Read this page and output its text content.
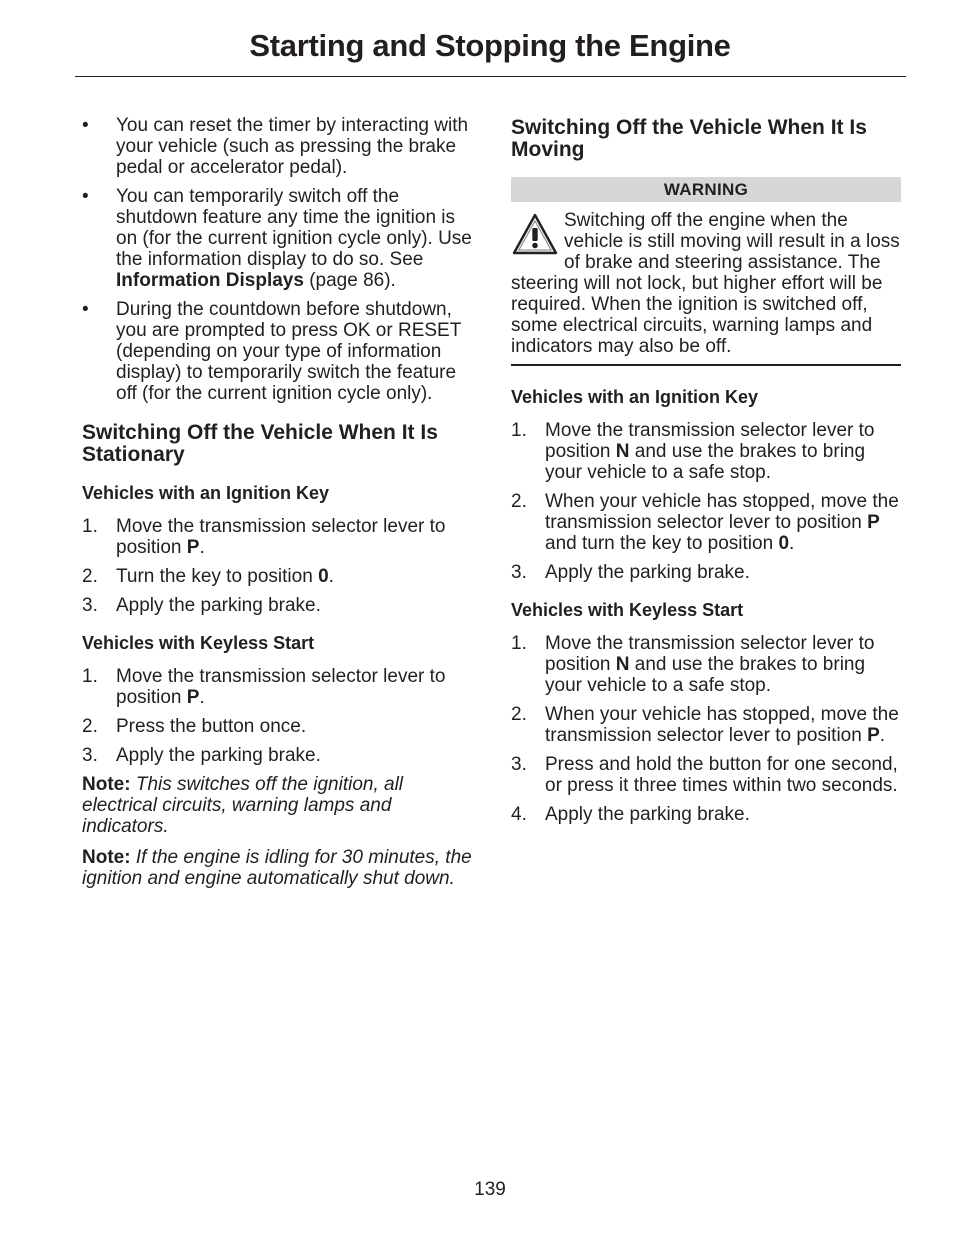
Starting and Stopping the Engine
• You can reset the timer by interacting with your vehicle (such as pressing the brake pedal or accelerator pedal).
• You can temporarily switch off the shutdown feature any time the ignition is on (for the current ignition cycle only). Use the information display to do so. See Information Displays (page 86).
• During the countdown before shutdown, you are prompted to press OK or RESET (depending on your type of information display) to temporarily switch the feature off (for the current ignition cycle only).
Switching Off the Vehicle When It Is Stationary
Vehicles with an Ignition Key
1. Move the transmission selector lever to position P.
2. Turn the key to position 0.
3. Apply the parking brake.
Vehicles with Keyless Start
1. Move the transmission selector lever to position P.
2. Press the button once.
3. Apply the parking brake.

Note: This switches off the ignition, all electrical circuits, warning lamps and indicators.

Note: If the engine is idling for 30 minutes, the ignition and engine automatically shut down.

Switching Off the Vehicle When It Is Moving
WARNING
Switching off the engine when the vehicle is still moving will result in a loss of brake and steering assistance. The steering will not lock, but higher effort will be required. When the ignition is switched off, some electrical circuits, warning lamps and indicators may also be off.
Vehicles with an Ignition Key
1. Move the transmission selector lever to position N and use the brakes to bring your vehicle to a safe stop.
2. When your vehicle has stopped, move the transmission selector lever to position P and turn the key to position 0.
3. Apply the parking brake.
Vehicles with Keyless Start
1. Move the transmission selector lever to position N and use the brakes to bring your vehicle to a safe stop.
2. When your vehicle has stopped, move the transmission selector lever to position P.
3. Press and hold the button for one second, or press it three times within two seconds.
4. Apply the parking brake.
139
